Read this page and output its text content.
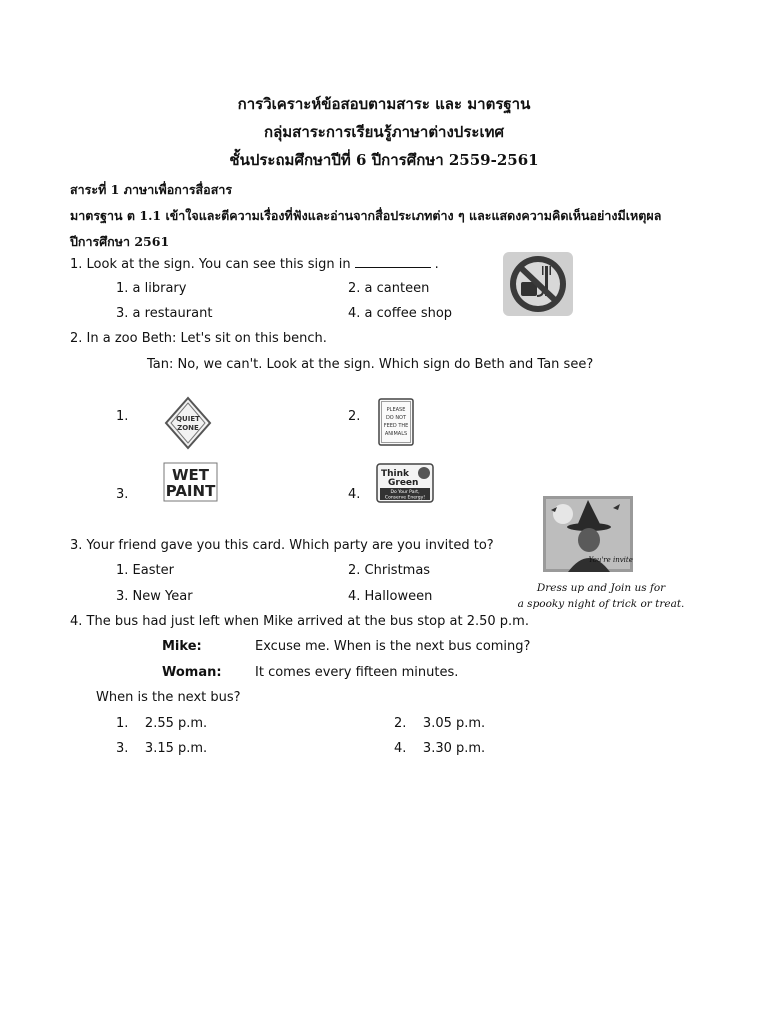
การวิเคราะห์ข้อสอบตามสาระ และ มาตรฐาน
กลุ่มสาระการเรียนรู้ภาษาต่างประเทศ
ชั้นประถมศึกษาปีที่ 6 ปีการศึกษา 2559-2561
สาระที่ 1 ภาษาเพื่อการสื่อสาร
มาตรฐาน ต 1.1 เข้าใจและตีความเรื่องที่ฟังและอ่านจากสื่อประเภทต่าง ๆ และแสดงความคิดเห็นอย่างมีเหตุผล
ปีการศึกษา 2561
1. Look at the sign. You can see this sign in	.
1. a library	2. a canteen
3. a restaurant	4. a coffee shop
2. In a zoo Beth: Let's sit on this bench.
Tan: No, we can't. Look at the sign. Which sign do Beth and Tan see?
1.	2.
3.	4.
QUIET
ZONE
PLEASE
DO NOT
FEED THE
ANIMALS
WET
PAINT
Think
Green
Do Your Part,
Conserve Energy!
You're invited
Dress up and Join us for
a spooky night of trick or treat.
3. Your friend gave you this card. Which party are you invited to?
1. Easter	2. Christmas
3. New Year	4. Halloween
4. The bus had just left when Mike arrived at the bus stop at 2.50 p.m.
Mike:	Excuse me. When is the next bus coming?
Woman:	It comes every fifteen minutes.
When is the next bus?
1.    2.55 p.m.	2.    3.05 p.m.
3.    3.15 p.m.	4.    3.30 p.m.
